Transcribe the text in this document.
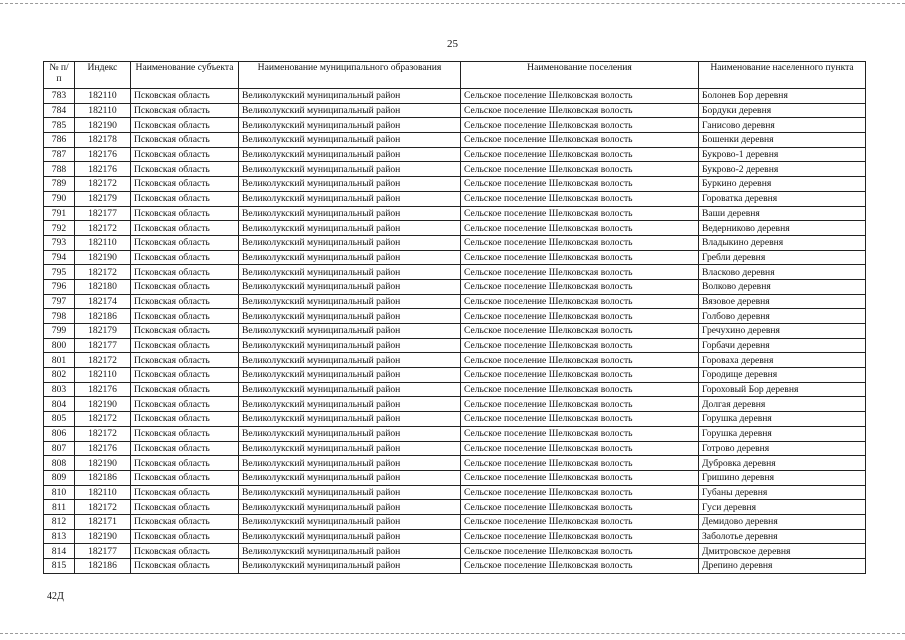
25
№ п/п	Индекс	Наименование субъекта	Наименование муниципального образования	Наименование поселения	Наименование населенного пункта
783	182110	Псковская область	Великолукский муниципальный район	Сельское поселение Шелковская волость	Болонев Бор деревня
784	182110	Псковская область	Великолукский муниципальный район	Сельское поселение Шелковская волость	Бордуки деревня
785	182190	Псковская область	Великолукский муниципальный район	Сельское поселение Шелковская волость	Ганисово деревня
786	182178	Псковская область	Великолукский муниципальный район	Сельское поселение Шелковская волость	Бошенки деревня
787	182176	Псковская область	Великолукский муниципальный район	Сельское поселение Шелковская волость	Букрово-1 деревня
788	182176	Псковская область	Великолукский муниципальный район	Сельское поселение Шелковская волость	Букрово-2 деревня
789	182172	Псковская область	Великолукский муниципальный район	Сельское поселение Шелковская волость	Буркино деревня
790	182179	Псковская область	Великолукский муниципальный район	Сельское поселение Шелковская волость	Гороватка деревня
791	182177	Псковская область	Великолукский муниципальный район	Сельское поселение Шелковская волость	Ваши деревня
792	182172	Псковская область	Великолукский муниципальный район	Сельское поселение Шелковская волость	Ведерниково деревня
793	182110	Псковская область	Великолукский муниципальный район	Сельское поселение Шелковская волость	Владыкино деревня
794	182190	Псковская область	Великолукский муниципальный район	Сельское поселение Шелковская волость	Гребли деревня
795	182172	Псковская область	Великолукский муниципальный район	Сельское поселение Шелковская волость	Власково деревня
796	182180	Псковская область	Великолукский муниципальный район	Сельское поселение Шелковская волость	Волково деревня
797	182174	Псковская область	Великолукский муниципальный район	Сельское поселение Шелковская волость	Вязовое деревня
798	182186	Псковская область	Великолукский муниципальный район	Сельское поселение Шелковская волость	Голбово деревня
799	182179	Псковская область	Великолукский муниципальный район	Сельское поселение Шелковская волость	Гречухино деревня
800	182177	Псковская область	Великолукский муниципальный район	Сельское поселение Шелковская волость	Горбачи деревня
801	182172	Псковская область	Великолукский муниципальный район	Сельское поселение Шелковская волость	Гороваха деревня
802	182110	Псковская область	Великолукский муниципальный район	Сельское поселение Шелковская волость	Городище деревня
803	182176	Псковская область	Великолукский муниципальный район	Сельское поселение Шелковская волость	Гороховый Бор деревня
804	182190	Псковская область	Великолукский муниципальный район	Сельское поселение Шелковская волость	Долгая деревня
805	182172	Псковская область	Великолукский муниципальный район	Сельское поселение Шелковская волость	Горушка деревня
806	182172	Псковская область	Великолукский муниципальный район	Сельское поселение Шелковская волость	Горушка деревня
807	182176	Псковская область	Великолукский муниципальный район	Сельское поселение Шелковская волость	Готрово деревня
808	182190	Псковская область	Великолукский муниципальный район	Сельское поселение Шелковская волость	Дубровка деревня
809	182186	Псковская область	Великолукский муниципальный район	Сельское поселение Шелковская волость	Гришино деревня
810	182110	Псковская область	Великолукский муниципальный район	Сельское поселение Шелковская волость	Губаны деревня
811	182172	Псковская область	Великолукский муниципальный район	Сельское поселение Шелковская волость	Гуси деревня
812	182171	Псковская область	Великолукский муниципальный район	Сельское поселение Шелковская волость	Демидово деревня
813	182190	Псковская область	Великолукский муниципальный район	Сельское поселение Шелковская волость	Заболотье деревня
814	182177	Псковская область	Великолукский муниципальный район	Сельское поселение Шелковская волость	Дмитровское деревня
815	182186	Псковская область	Великолукский муниципальный район	Сельское поселение Шелковская волость	Дрепино деревня
42Д
